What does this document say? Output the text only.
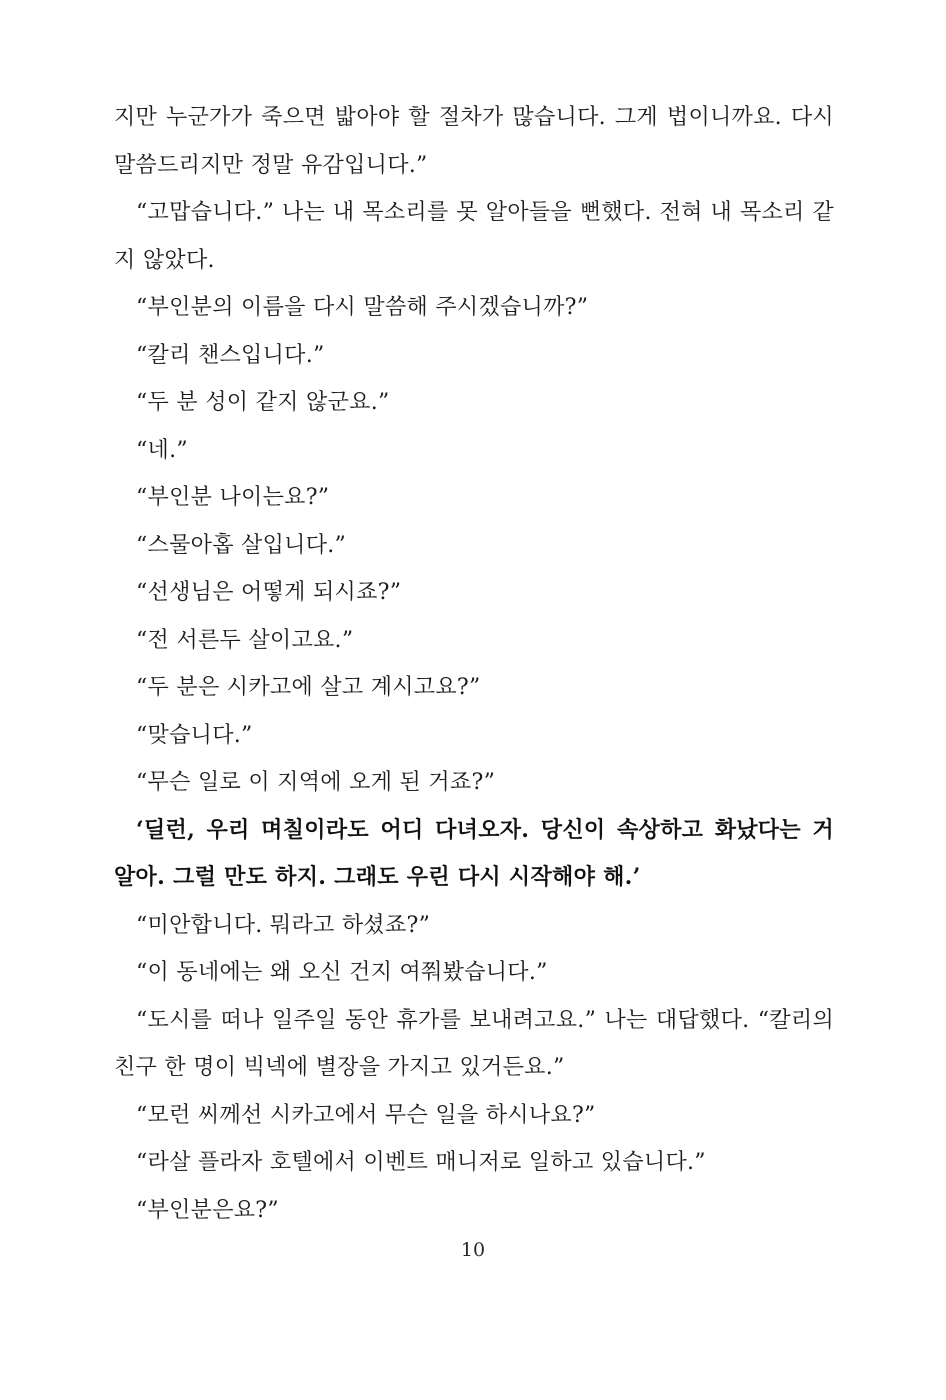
지만 누군가가 죽으면 밟아야 할 절차가 많습니다. 그게 법이니까요. 다시 말씀드리지만 정말 유감입니다.”

“고맙습니다.” 나는 내 목소리를 못 알아들을 뻔했다. 전혀 내 목소리 같지 않았다.

“부인분의 이름을 다시 말씀해 주시겠습니까?”

“칼리 챈스입니다.”

“두 분 성이 같지 않군요.”

“네.”

“부인분 나이는요?”

“스물아홉 살입니다.”

“선생님은 어떻게 되시죠?”

“전 서른두 살이고요.”

“두 분은 시카고에 살고 계시고요?”

“맞습니다.”

“무슨 일로 이 지역에 오게 된 거죠?”

‘딜런, 우리 며칠이라도 어디 다녀오자. 당신이 속상하고 화났다는 거 알아. 그럴 만도 하지. 그래도 우린 다시 시작해야 해.’

“미안합니다. 뭐라고 하셨죠?”

“이 동네에는 왜 오신 건지 여쭤봤습니다.”

“도시를 떠나 일주일 동안 휴가를 보내려고요.” 나는 대답했다. “칼리의 친구 한 명이 빅넥에 별장을 가지고 있거든요.”

“모런 씨께선 시카고에서 무슨 일을 하시나요?”

“라살 플라자 호텔에서 이벤트 매니저로 일하고 있습니다.”

“부인분은요?”

10
